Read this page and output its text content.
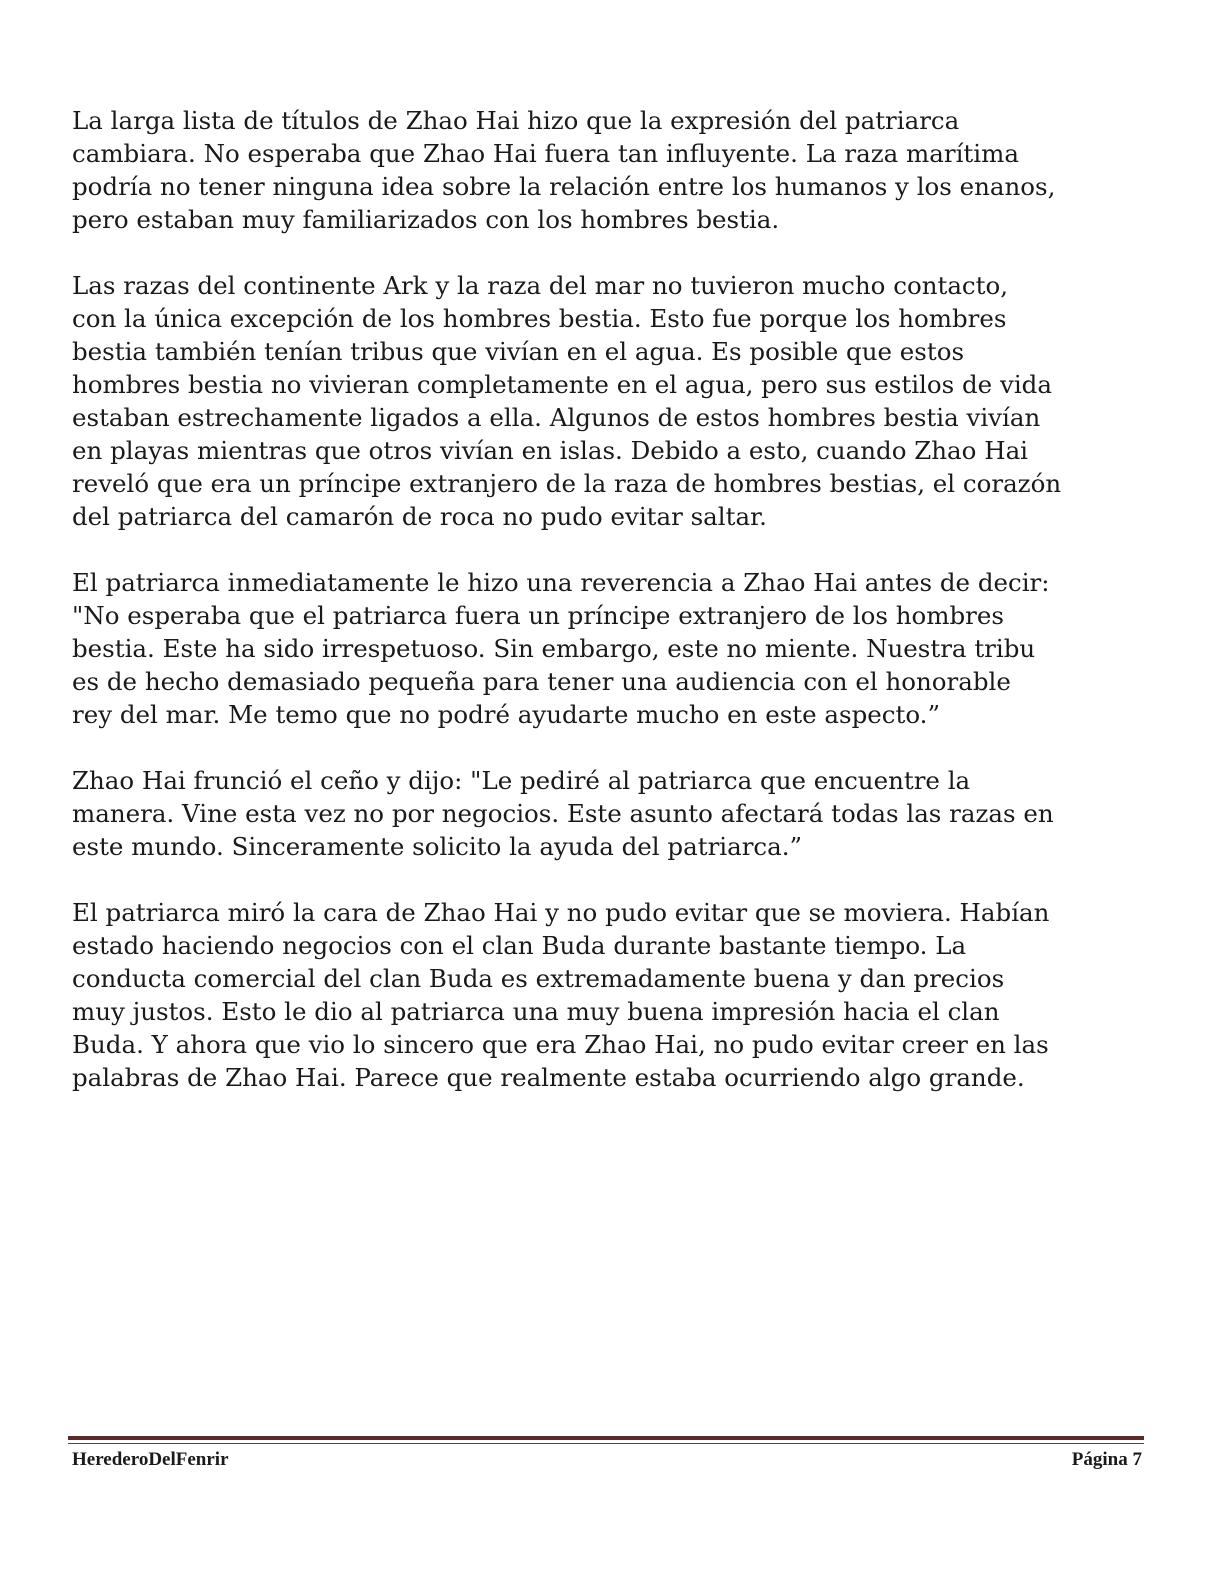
La larga lista de títulos de Zhao Hai hizo que la expresión del patriarca
cambiara. No esperaba que Zhao Hai fuera tan influyente. La raza marítima
podría no tener ninguna idea sobre la relación entre los humanos y los enanos,
pero estaban muy familiarizados con los hombres bestia.

Las razas del continente Ark y la raza del mar no tuvieron mucho contacto,
con la única excepción de los hombres bestia. Esto fue porque los hombres
bestia también tenían tribus que vivían en el agua. Es posible que estos
hombres bestia no vivieran completamente en el agua, pero sus estilos de vida
estaban estrechamente ligados a ella. Algunos de estos hombres bestia vivían
en playas mientras que otros vivían en islas. Debido a esto, cuando Zhao Hai
reveló que era un príncipe extranjero de la raza de hombres bestias, el corazón
del patriarca del camarón de roca no pudo evitar saltar.

El patriarca inmediatamente le hizo una reverencia a Zhao Hai antes de decir:
"No esperaba que el patriarca fuera un príncipe extranjero de los hombres
bestia. Este ha sido irrespetuoso. Sin embargo, este no miente. Nuestra tribu
es de hecho demasiado pequeña para tener una audiencia con el honorable
rey del mar. Me temo que no podré ayudarte mucho en este aspecto.”

Zhao Hai frunció el ceño y dijo: "Le pediré al patriarca que encuentre la
manera. Vine esta vez no por negocios. Este asunto afectará todas las razas en
este mundo. Sinceramente solicito la ayuda del patriarca.”

El patriarca miró la cara de Zhao Hai y no pudo evitar que se moviera. Habían
estado haciendo negocios con el clan Buda durante bastante tiempo. La
conducta comercial del clan Buda es extremadamente buena y dan precios
muy justos. Esto le dio al patriarca una muy buena impresión hacia el clan
Buda. Y ahora que vio lo sincero que era Zhao Hai, no pudo evitar creer en las
palabras de Zhao Hai. Parece que realmente estaba ocurriendo algo grande.

HerederoDelFenrir	Página 7
